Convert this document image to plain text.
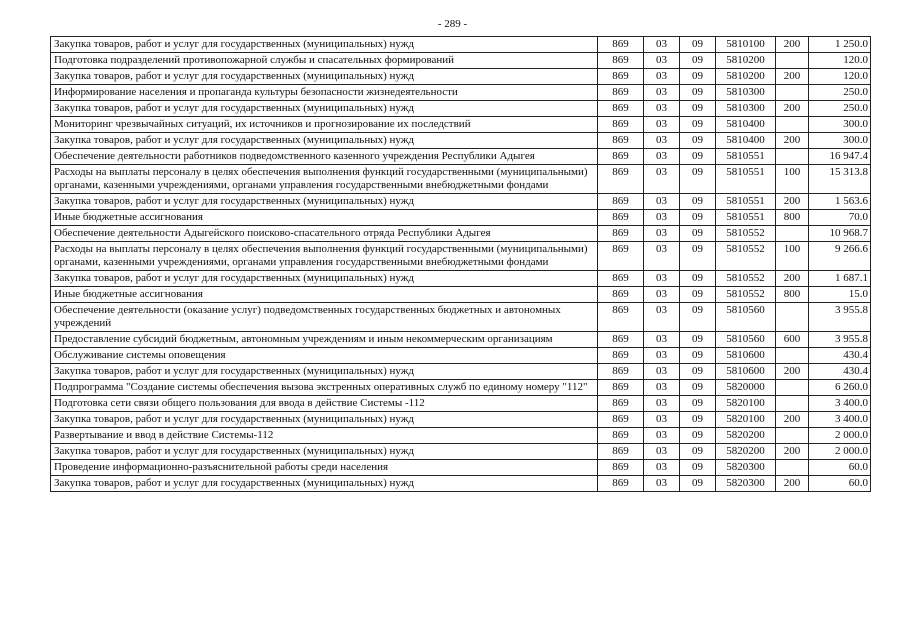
- 289 -
Закупка товаров, работ и услуг для государственных (муниципальных) нужд	869	03	09	5810100	200	1 250.0
Подготовка подразделений противопожарной службы и спасательных формирований	869	03	09	5810200		120.0
Закупка товаров, работ и услуг для государственных (муниципальных) нужд	869	03	09	5810200	200	120.0
Информирование населения и пропаганда культуры безопасности жизнедеятельности	869	03	09	5810300		250.0
Закупка товаров, работ и услуг для государственных (муниципальных) нужд	869	03	09	5810300	200	250.0
Мониторинг чрезвычайных ситуаций, их источников и прогнозирование их последствий	869	03	09	5810400		300.0
Закупка товаров, работ и услуг для государственных (муниципальных) нужд	869	03	09	5810400	200	300.0
Обеспечение деятельности работников подведомственного казенного учреждения Республики Адыгея	869	03	09	5810551		16 947.4
Расходы на выплаты персоналу в целях обеспечения выполнения функций государственными (муниципальными) органами, казенными учреждениями, органами управления государственными внебюджетными фондами	869	03	09	5810551	100	15 313.8
Закупка товаров, работ и услуг для государственных (муниципальных) нужд	869	03	09	5810551	200	1 563.6
Иные бюджетные ассигнования	869	03	09	5810551	800	70.0
Обеспечение деятельности Адыгейского поисково-спасательного отряда Республики Адыгея	869	03	09	5810552		10 968.7
Расходы на выплаты персоналу в целях обеспечения выполнения функций государственными (муниципальными) органами, казенными учреждениями, органами управления государственными внебюджетными фондами	869	03	09	5810552	100	9 266.6
Закупка товаров, работ и услуг для государственных (муниципальных) нужд	869	03	09	5810552	200	1 687.1
Иные бюджетные ассигнования	869	03	09	5810552	800	15.0
Обеспечение деятельности (оказание услуг) подведомственных государственных бюджетных и автономных учреждений	869	03	09	5810560		3 955.8
Предоставление субсидий бюджетным, автономным учреждениям и иным некоммерческим организациям	869	03	09	5810560	600	3 955.8
Обслуживание системы оповещения	869	03	09	5810600		430.4
Закупка товаров, работ и услуг для государственных (муниципальных) нужд	869	03	09	5810600	200	430.4
Подпрограмма "Создание системы обеспечения вызова экстренных оперативных служб по единому номеру "112"	869	03	09	5820000		6 260.0
Подготовка сети связи общего пользования для ввода в действие Системы -112	869	03	09	5820100		3 400.0
Закупка товаров, работ и услуг для государственных (муниципальных) нужд	869	03	09	5820100	200	3 400.0
Развертывание и ввод в действие Системы-112	869	03	09	5820200		2 000.0
Закупка товаров, работ и услуг для государственных (муниципальных) нужд	869	03	09	5820200	200	2 000.0
Проведение информационно-разъяснительной работы среди населения	869	03	09	5820300		60.0
Закупка товаров, работ и услуг для государственных (муниципальных) нужд	869	03	09	5820300	200	60.0
